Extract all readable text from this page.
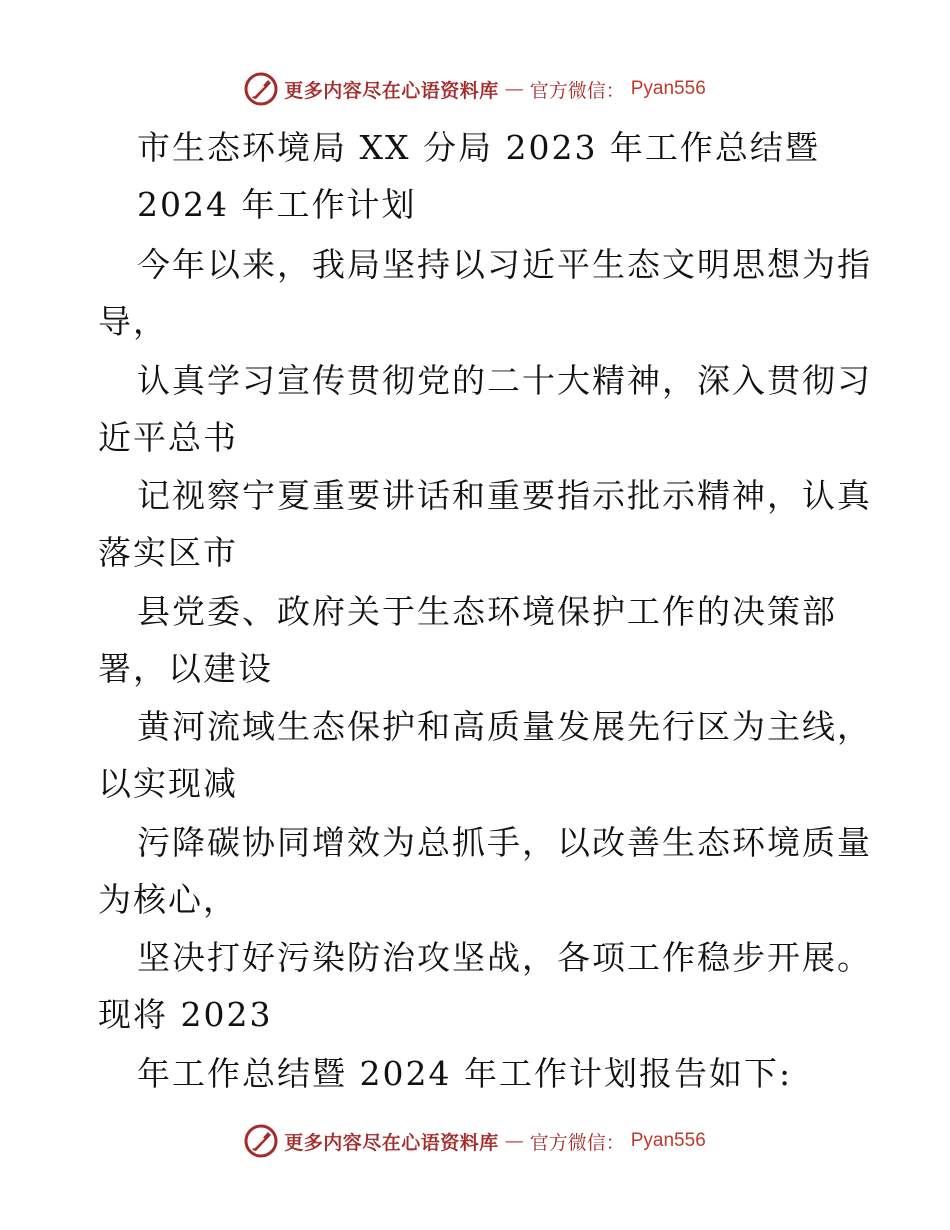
更多内容尽在心语资料库 — 官方微信： Pyan556
市生态环境局 XX 分局 2023 年工作总结暨
2024 年工作计划
今年以来，我局坚持以习近平生态文明思想为指
导，
认真学习宣传贯彻党的二十大精神，深入贯彻习
近平总书
记视察宁夏重要讲话和重要指示批示精神，认真
落实区市
县党委、政府关于生态环境保护工作的决策部
署，以建设
黄河流域生态保护和高质量发展先行区为主线，
以实现减
污降碳协同增效为总抓手，以改善生态环境质量
为核心，
坚决打好污染防治攻坚战，各项工作稳步开展。
现将 2023
年工作总结暨 2024 年工作计划报告如下:
更多内容尽在心语资料库 — 官方微信： Pyan556
